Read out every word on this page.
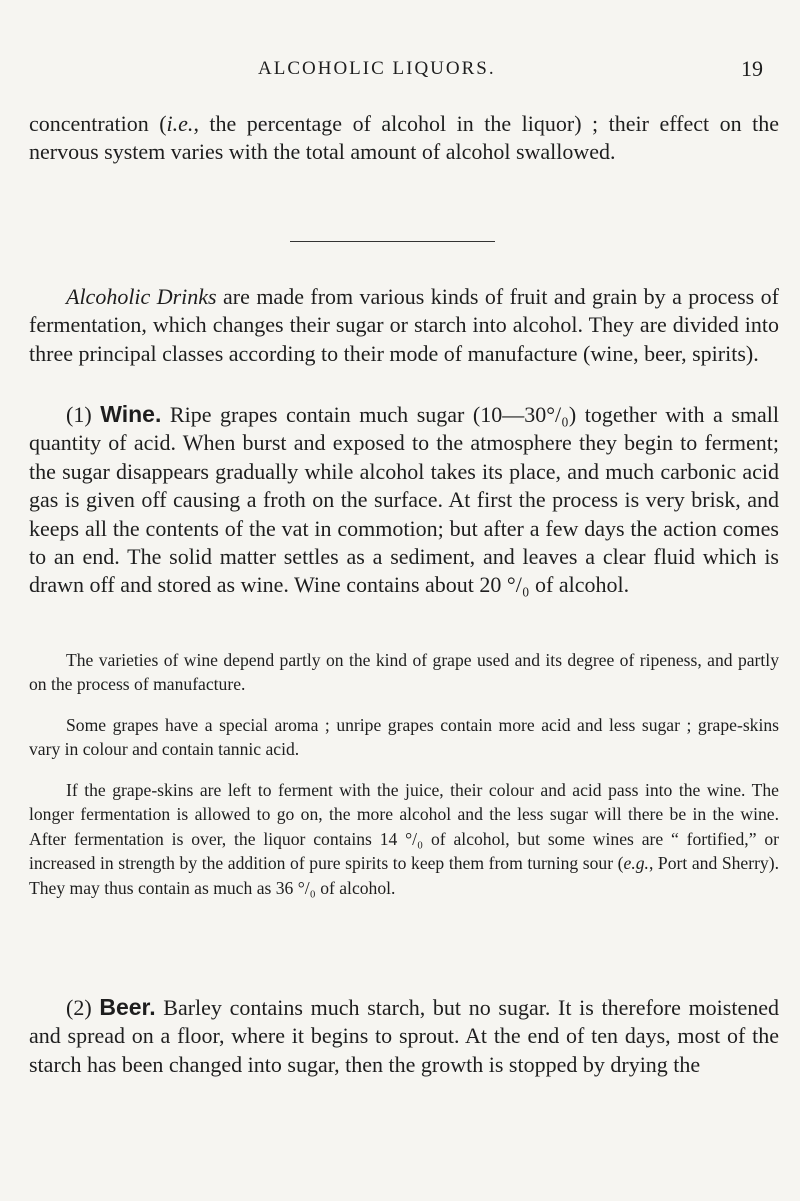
ALCOHOLIC LIQUORS.	19

concentration (i.e., the percentage of alcohol in the liquor) ; their effect on the nervous system varies with the total amount of alcohol swallowed.

Alcoholic Drinks are made from various kinds of fruit and grain by a process of fermentation, which changes their sugar or starch into alcohol. They are divided into three principal classes according to their mode of manufacture (wine, beer, spirits).

(1) Wine. Ripe grapes contain much sugar (10—30°/₀) together with a small quantity of acid. When burst and exposed to the atmosphere they begin to ferment; the sugar disappears gradually while alcohol takes its place, and much carbonic acid gas is given off causing a froth on the surface. At first the process is very brisk, and keeps all the contents of the vat in commotion; but after a few days the action comes to an end. The solid matter settles as a sediment, and leaves a clear fluid which is drawn off and stored as wine. Wine contains about 20 °/₀ of alcohol.

The varieties of wine depend partly on the kind of grape used and its degree of ripeness, and partly on the process of manufacture.

Some grapes have a special aroma ; unripe grapes contain more acid and less sugar ; grape-skins vary in colour and contain tannic acid.

If the grape-skins are left to ferment with the juice, their colour and acid pass into the wine. The longer fermentation is allowed to go on, the more alcohol and the less sugar will there be in the wine. After fermentation is over, the liquor contains 14 °/₀ of alcohol, but some wines are “ fortified,” or increased in strength by the addition of pure spirits to keep them from turning sour (e.g., Port and Sherry). They may thus contain as much as 36 °/₀ of alcohol.

(2) Beer. Barley contains much starch, but no sugar. It is therefore moistened and spread on a floor, where it begins to sprout. At the end of ten days, most of the starch has been changed into sugar, then the growth is stopped by drying the
